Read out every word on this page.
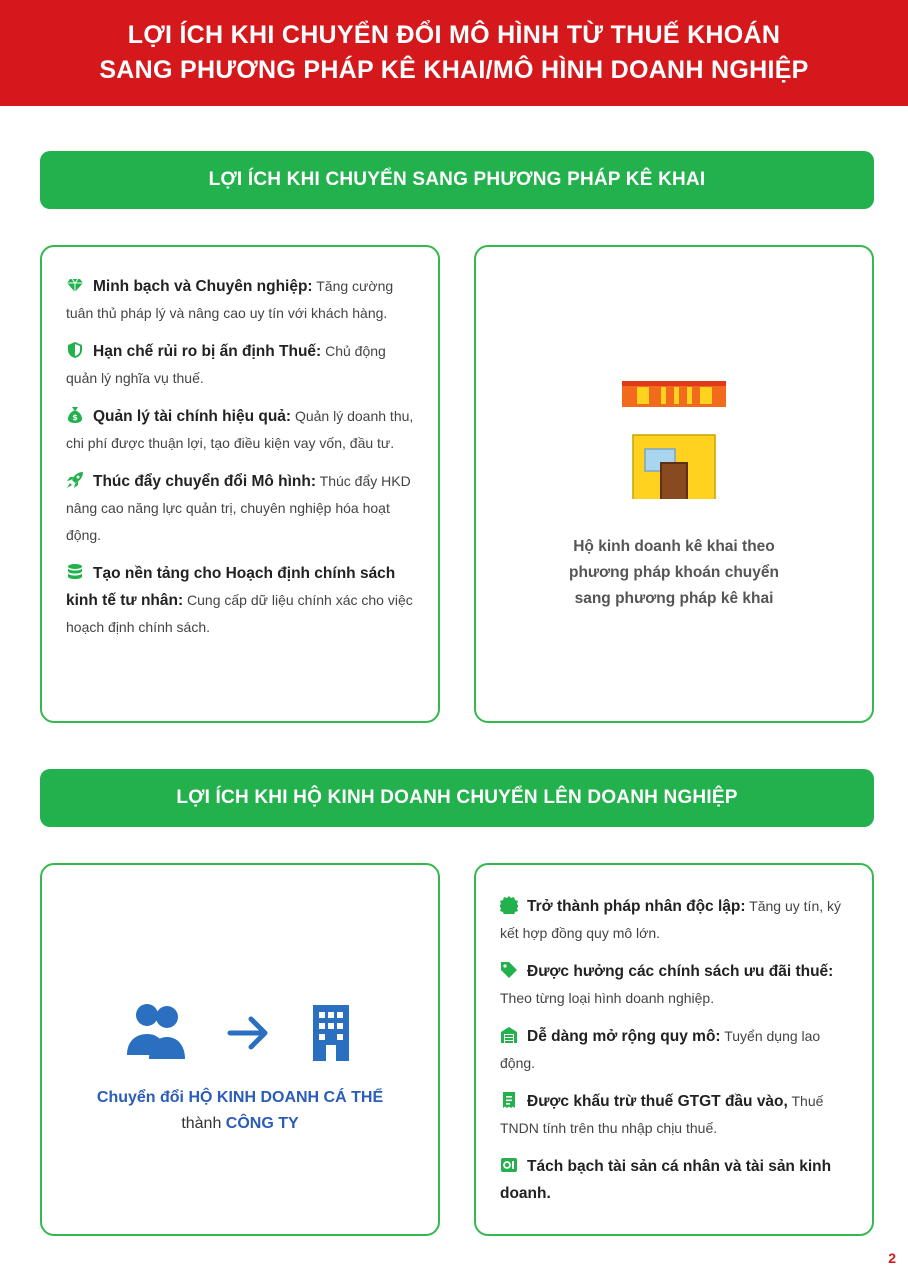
LỢI ÍCH KHI CHUYỂN ĐỔI MÔ HÌNH TỪ THUẾ KHOÁN
SANG PHƯƠNG PHÁP KÊ KHAI/MÔ HÌNH DOANH NGHIỆP
LỢI ÍCH KHI CHUYỂN SANG PHƯƠNG PHÁP KÊ KHAI
Minh bạch và Chuyên nghiệp: Tăng cường tuân thủ pháp lý và nâng cao uy tín với khách hàng.
Hạn chế rủi ro bị ấn định Thuế: Chủ động quản lý nghĩa vụ thuế.
$ Quản lý tài chính hiệu quả: Quản lý doanh thu, chi phí được thuận lợi, tạo điều kiện vay vốn, đầu tư.
Thúc đẩy chuyển đổi Mô hình: Thúc đẩy HKD nâng cao năng lực quản trị, chuyên nghiệp hóa hoạt động.
Tạo nền tảng cho Hoạch định chính sách kinh tế tư nhân: Cung cấp dữ liệu chính xác cho việc hoạch định chính sách.
Hộ kinh doanh kê khai theo
phương pháp khoán chuyển
sang phương pháp kê khai
LỢI ÍCH KHI HỘ KINH DOANH CHUYỂN LÊN DOANH NGHIỆP
Chuyển đổi HỘ KINH DOANH CÁ THỂ
thành CÔNG TY
Trở thành pháp nhân độc lập: Tăng uy tín, ký kết hợp đồng quy mô lớn.
Được hưởng các chính sách ưu đãi thuế: Theo từng loại hình doanh nghiệp.
Dễ dàng mở rộng quy mô: Tuyển dụng lao động.
Được khấu trừ thuế GTGT đầu vào, Thuế TNDN tính trên thu nhập chịu thuế.
Tách bạch tài sản cá nhân và tài sản kinh doanh.
2
